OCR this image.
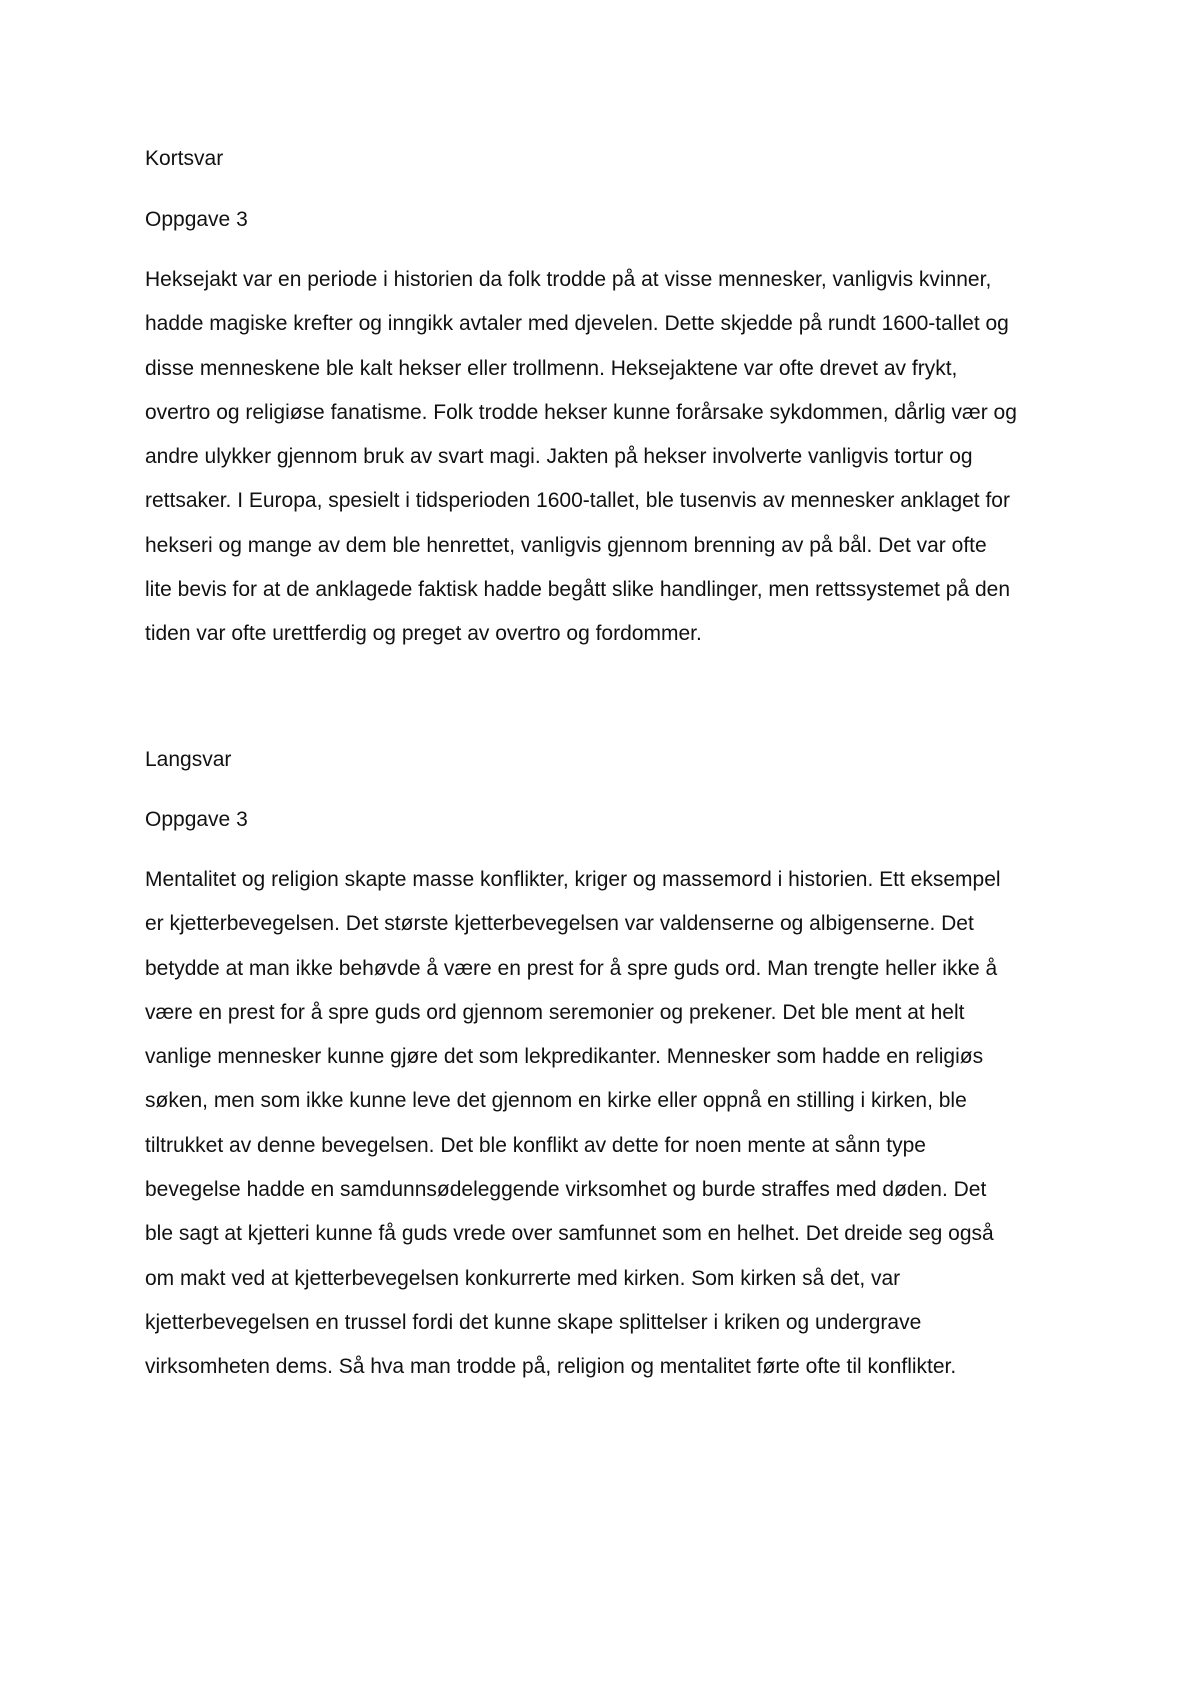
Kortsvar

Oppgave 3

Heksejakt var en periode i historien da folk trodde på at visse mennesker, vanligvis kvinner,
hadde magiske krefter og inngikk avtaler med djevelen. Dette skjedde på rundt 1600-tallet og
disse menneskene ble kalt hekser eller trollmenn. Heksejaktene var ofte drevet av frykt,
overtro og religiøse fanatisme. Folk trodde hekser kunne forårsake sykdommen, dårlig vær og
andre ulykker gjennom bruk av svart magi. Jakten på hekser involverte vanligvis tortur og
rettsaker. I Europa, spesielt i tidsperioden 1600-tallet, ble tusenvis av mennesker anklaget for
hekseri og mange av dem ble henrettet, vanligvis gjennom brenning av på bål. Det var ofte
lite bevis for at de anklagede faktisk hadde begått slike handlinger, men rettssystemet på den
tiden var ofte urettferdig og preget av overtro og fordommer.

Langsvar

Oppgave 3

Mentalitet og religion skapte masse konflikter, kriger og massemord i historien. Ett eksempel
er kjetterbevegelsen. Det største kjetterbevegelsen var valdenserne og albigenserne. Det
betydde at man ikke behøvde å være en prest for å spre guds ord. Man trengte heller ikke å
være en prest for å spre guds ord gjennom seremonier og prekener. Det ble ment at helt
vanlige mennesker kunne gjøre det som lekpredikanter. Mennesker som hadde en religiøs
søken, men som ikke kunne leve det gjennom en kirke eller oppnå en stilling i kirken, ble
tiltrukket av denne bevegelsen. Det ble konflikt av dette for noen mente at sånn type
bevegelse hadde en samdunnsødeleggende virksomhet og burde straffes med døden. Det
ble sagt at kjetteri kunne få guds vrede over samfunnet som en helhet. Det dreide seg også
om makt ved at kjetterbevegelsen konkurrerte med kirken. Som kirken så det, var
kjetterbevegelsen en trussel fordi det kunne skape splittelser i kriken og undergrave
virksomheten dems. Så hva man trodde på, religion og mentalitet førte ofte til konflikter.
